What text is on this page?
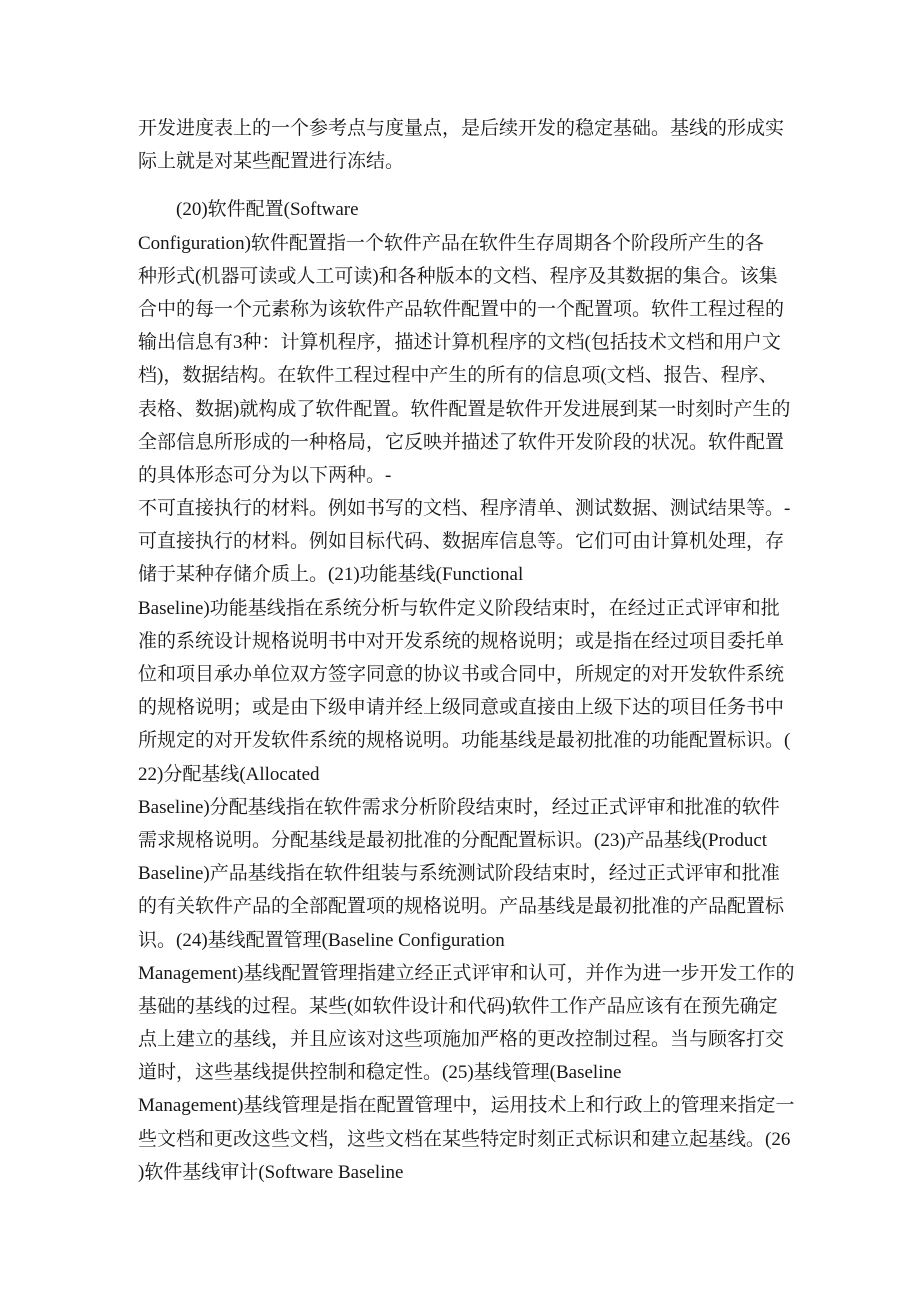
开发进度表上的一个参考点与度量点，是后续开发的稳定基础。基线的形成实
际上就是对某些配置进行冻结。
(20)软件配置(Software
Configuration)软件配置指一个软件产品在软件生存周期各个阶段所产生的各
种形式(机器可读或人工可读)和各种版本的文档、程序及其数据的集合。该集
合中的每一个元素称为该软件产品软件配置中的一个配置项。软件工程过程的
输出信息有3种：计算机程序，描述计算机程序的文档(包括技术文档和用户文
档)，数据结构。在软件工程过程中产生的所有的信息项(文档、报告、程序、
表格、数据)就构成了软件配置。软件配置是软件开发进展到某一时刻时产生的
全部信息所形成的一种格局，它反映并描述了软件开发阶段的状况。软件配置
的具体形态可分为以下两种。-
不可直接执行的材料。例如书写的文档、程序清单、测试数据、测试结果等。-
可直接执行的材料。例如目标代码、数据库信息等。它们可由计算机处理，存
储于某种存储介质上。(21)功能基线(Functional
Baseline)功能基线指在系统分析与软件定义阶段结束时，在经过正式评审和批
准的系统设计规格说明书中对开发系统的规格说明；或是指在经过项目委托单
位和项目承办单位双方签字同意的协议书或合同中，所规定的对开发软件系统
的规格说明；或是由下级申请并经上级同意或直接由上级下达的项目任务书中
所规定的对开发软件系统的规格说明。功能基线是最初批准的功能配置标识。(
22)分配基线(Allocated
Baseline)分配基线指在软件需求分析阶段结束时，经过正式评审和批准的软件
需求规格说明。分配基线是最初批准的分配配置标识。(23)产品基线(Product
Baseline)产品基线指在软件组装与系统测试阶段结束时，经过正式评审和批准
的有关软件产品的全部配置项的规格说明。产品基线是最初批准的产品配置标
识。(24)基线配置管理(Baseline Configuration
Management)基线配置管理指建立经正式评审和认可，并作为进一步开发工作的
基础的基线的过程。某些(如软件设计和代码)软件工作产品应该有在预先确定
点上建立的基线，并且应该对这些项施加严格的更改控制过程。当与顾客打交
道时，这些基线提供控制和稳定性。(25)基线管理(Baseline
Management)基线管理是指在配置管理中，运用技术上和行政上的管理来指定一
些文档和更改这些文档，这些文档在某些特定时刻正式标识和建立起基线。(26
)软件基线审计(Software Baseline
